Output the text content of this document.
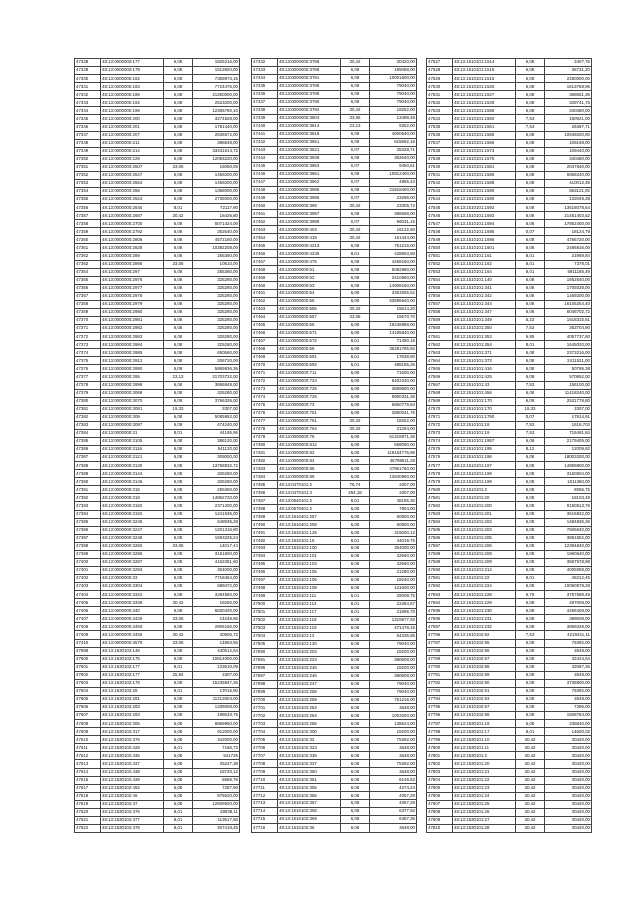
47338	48:13:0000000:177	6,08	1825216,00
47339	48:13:0000000:179	6,08	1513920,00
47340	48:13:0000000:182	6,08	7359973,16
47341	48:13:0000000:183	6,08	7724476,00
47342	48:13:0000000:186	6,08	21260000,00
47343	48:13:0000000:192	6,08	2523200,00
47344	48:13:0000000:199	6,08	12306760,10
47345	48:13:0000000:200	6,08	3274528,00
47346	48:13:0000000:201	6,08	1781440,00
47347	48:13:0000000:207	6,08	2635672,00
47348	48:13:0000000:211	6,08	386848,00
47349	48:13:0000000:214	6,08	33431614,72
47350	48:13:0000000:229	6,08	12093220,00
47351	48:13:0000000:2507	33,06	16050,59
47352	48:13:0000000:2547	6,08	1459200,00
47353	48:13:0000000:2554	6,08	1459200,00
47354	48:13:0000000:258	6,08	1368000,00
47355	48:13:0000000:2623	6,08	2736000,00
47356	48:13:0000000:2645	8,01	72117,90
47357	48:13:0000000:2687	30,42	16426,80
47358	48:13:0000000:2700	6,08	5071424,00
47359	48:13:0000000:2792	6,08	352640,00
47360	48:13:0000000:2806	6,08	4572160,00
47361	48:13:0000000:2828	6,08	10382208,00
47362	48:13:0000000:289	6,08	255360,00
47363	48:13:0000000:2896	33,06	10510,00
47364	48:13:0000000:297	6,08	255360,00
47365	48:13:0000000:2976	6,08	325280,00
47366	48:13:0000000:2977	6,08	325280,00
47367	48:13:0000000:2978	6,08	325280,00
47368	48:13:0000000:2979	6,08	325280,00
47369	48:13:0000000:2980	6,08	325280,00
47370	48:13:0000000:2981	6,08	325280,00
47371	48:13:0000000:2982	6,08	325280,00
47372	48:13:0000000:2983	6,08	325280,00
47373	48:13:0000000:2984	6,08	325280,00
47374	48:13:0000000:2985	6,08	650560,00
47375	48:13:0000000:2912	6,08	206720,00
47376	48:13:0000000:2990	6,08	5869936,36
47377	48:13:0000000:295	23,13	21703722,00
47378	48:13:0000000:2998	6,08	3866848,00
47379	48:13:0000000:3069	6,08	325280,00
47380	48:13:0000000:3070	6,08	3766326,00
47381	48:13:0000000:3081	15,33	3307,00
47382	48:13:0000000:309	6,08	5085952,00
47383	48:13:0000000:3097	6,08	474240,00
47384	48:13:0000000:31	8,01	44195,96
47385	48:13:0000000:3105	6,08	386120,00
47386	48:13:0000000:3116	6,08	541120,00
47387	48:13:0000000:3121	6,08	309000,00
47388	48:13:0000000:3130	6,08	13758832,72
47389	48:13:0000000:3144	6,08	325280,00
47390	48:13:0000000:3145	6,08	325280,00
47391	48:13:0000000:315	6,08	255360,00
47392	48:13:0000000:318	6,08	14862720,00
47393	48:13:0000000:3182	6,08	2371200,00
47394	48:13:0000000:3192	6,08	1241536,00
47395	48:13:0000000:3245	6,08	648935,28
47396	48:13:0000000:3247	6,08	1201316,80
47397	48:13:0000000:3248	6,08	1693225,24
47398	48:13:0000000:3260	33,06	14017,44
47399	48:13:0000000:3286	6,08	3161600,00
47400	48:13:0000000:3287	6,08	4162281,60
47401	48:13:0000000:3293	6,08	304000,00
47402	48:13:0000000:33	6,08	7718464,00
47403	48:13:0000000:3304	6,08	689472,00
47404	48:13:0000000:3322	6,08	3284560,00
47405	48:13:0000000:3338	30,42	18250,00
47406	48:13:0000000:340	6,08	5830420,00
47407	48:13:0000000:3430	33,06	14248,86
47408	48:13:0000000:3450	6,08	2906160,00
47409	48:13:0000000:3455	30,42	30906,72
47410	48:13:0000000:3579	33,06	14883,56
47598	48:13:1530102:146	6,08	430512,64
47600	48:13:1530102:175	6,08	10814000,00
47601	48:13:1530102:177	8,01	133510,09
47602	48:13:1530102:177	25,84	3307,00
47603	48:13:1530102:178	6,08	15235847,36
47604	48:13:1530102:28	8,01	17015,90
47605	48:13:1530102:281	6,08	11213004,00
47606	48:13:1530102:283	6,08	1339008,00
47607	48:13:1530102:293	6,08	198633,75
47608	48:13:1530102:305	6,08	6869960,00
47609	48:13:1530102:317	6,08	912000,00
47610	48:13:1530102:376	6,08	342000,00
47611	48:13:1530102:428	8,01	7166,73
47612	48:13:1530102:436	6,08	541725
47613	48:13:1530102:437	6,08	25247,38
47614	48:13:1530102:438	6,08	18720,12
47615	48:13:1530102:439	6,08	8665,76
47617	48:13:1530102:452	6,08	7257,90
47618	48:13:1530102:46	6,08	875520,00
47619	48:13:1530102:47	6,08	12609920,00
47620	48:13:1530102:476	8,01	28838,11
47621	48:13:1530102:477	8,01	113517,50
47622	48:13:1530102:478	8,01	307419,45
47432	48:13:0000000:3758	30,42	30420,00
47433	48:13:0000000:3768	6,08	185088,00
47434	48:13:0000000:3781	6,08	10001600,00
47435	48:13:0000000:3788	6,08	79040,00
47436	48:13:0000000:3789	6,08	79040,00
47437	48:13:0000000:3790	6,08	79040,00
47438	48:13:0000000:3792	30,42	18252,00
47439	48:13:0000000:3803	33,06	13488,48
47440	48:13:0000000:3814	23,13	9252,00
47441	48:13:0000000:3818	6,08	4000640,00
47442	48:13:0000000:3851	6,08	615692,16
47443	48:13:0000000:3521	0,07	25328,71
47444	48:13:0000000:3939	6,08	352640,00
47445	48:13:0000000:3953	0,07	9450,61
47446	48:13:0000000:3961	6,08	10812400,00
47447	48:13:0000000:3962	0,07	4955,43
47448	48:13:0000000:3985	6,08	21918400,00
47449	48:13:0000000:3986	0,07	23286,00
47450	48:13:0000000:399	30,42	23305,72
47451	48:13:0000000:3997	6,08	386688,00
47452	48:13:0000000:3999	0,07	56031,15
47453	48:13:0000000:404	30,42	16122,60
47454	48:13:0000000:419	30,42	151444,00
47455	48:13:0000000:4213	6,08	761216,00
47456	48:13:0000000:4238	8,01	428853,90
47457	48:13:0000000:475	6,08	4268160,00
47458	48:13:0000000:51	6,08	5082880,00
47459	48:13:0000000:52	6,08	3410560,00
47460	48:13:0000000:53	6,08	14908160,00
47461	48:13:0000000:54	6,08	3353055,52
47462	48:13:0000000:55	6,08	53696640,00
47463	48:13:0000000:556	30,42	15514,20
47464	48:13:0000000:557	33,06	15670,70
47465	48:13:0000000:65	6,08	16246888,00
47466	48:13:0000000:671	6,08	14195840,00
47467	48:13:0000000:672	8,01	71490,15
47468	48:13:0000000:68	6,08	36281785,92
47469	48:13:0000000:691	8,01	17838,80
47470	48:13:0000000:692	5,01	488185,25
47471	48:13:0000000:711	6,08	71600,00
47472	48:13:0000000:724	6,08	6402240,00
47473	48:13:0000000:725	6,08	3869600,00
47474	48:13:0000000:726	6,08	8900331,36
47475	48:13:0000000:73	6,08	6850779,84
47476	48:13:0000000:751	6,08	2850041,76
47477	48:13:0000000:761	30,42	18252,00
47478	48:13:0000000:764	30,42	21294,00
47479	48:13:0000000:78	6,08	61316971,36
47480	48:13:0000000:812	6,08	658080,00
47481	48:13:0000000:82	6,08	119154776,96
47482	48:13:0000000:84	6,08	46798611,28
47483	48:13:0000000:85	6,08	47861760,00
47484	48:13:0000000:89	6,08	12840960,00
47485	48:13:0470101:2	78,74	3307,00
47486	48:13:0470101:3	254,18	3307,00
47487	48:13:0540101:2	8,01	48185,30
47488	48:13:0570401:2	6,08	7904,00
47489	48:13:1510401:257	6,08	60800,00
47490	48:13:1510401:258	6,08	60800,00
47491	48:13:1510101:125	6,08	315000,12
47492	48:13:1510101:16	8,01	44019,75
47493	48:13:1510101:100	6,08	304000,00
47494	48:13:1510101:101	6,08	42560,00
47495	48:13:1510101:103	6,08	42560,00
47496	48:13:1510101:105	6,08	21280,00
47497	48:13:1510101:106	6,08	18240,00
47498	48:13:1510101:108	6,08	121600,00
47499	48:13:1510101:111	5,01	29008,75
47500	48:13:1510101:114	8,01	22384,57
47501	48:13:1510101:117	8,01	21895,70
47502	48:13:1510101:118	6,08	1319577,92
47503	48:13:1510101:119	6,08	471478,16
47504	48:13:1510101:12	6,08	54336,85
47505	48:13:1510101:120	6,08	79040,00
47690	48:13:1510102:203	6,08	15200,00
47691	48:13:1510102:224	6,08	380608,00
47696	48:13:1510102:245	6,08	15200,00
47697	48:13:1510102:246	6,08	380608,00
47698	48:13:1510102:247	6,08	79040,00
47699	48:13:1510102:258	6,08	79040,00
47700	48:13:1510102:259	6,08	761216,00
47701	48:13:1510102:263	6,08	3648,00
47702	48:13:1510102:264	6,08	1003200,00
47703	48:13:1510102:285	6,08	138624,00
47704	48:13:1510102:300	6,08	15200,00
47705	48:13:1510102:32	6,08	75392,00
47706	48:13:1510102:323	6,08	3648,00
47707	48:13:1510102:336	6,08	3648,00
47708	48:13:1510102:337	6,08	75392,00
47709	48:13:1510102:350	6,08	3648,00
47710	48:13:1510102:351	6,08	8149,52
47711	48:13:1510102:355	6,08	4274,24
47712	48:13:1510102:356	6,08	4057,28
47713	48:13:1510102:357	6,08	4057,28
47714	48:13:1510102:358	6,08	6377,92
47715	48:13:1510102:359	6,08	6487,36
47716	48:13:1510102:36	6,08	3648,00
47527	48:13:1510101:1514	6,08	3407,76
47528	48:13:1510101:1515	6,08	36731,20
47529	48:13:1510101:1516	6,08	2280000,00
47530	48:13:1510101:1526	6,08	1613768,96
47531	48:13:1510101:1527	6,08	368551,36
47532	48:13:1510101:1528	6,08	339741,76
47533	48:13:1510101:1559	6,08	340480,00
47534	48:13:1510101:1560	7,53	150921,00
47535	48:13:1510101:1561	7,53	26487,71
47536	48:13:1510101:1565	6,08	10945020,80
47537	48:13:1510101:1566	6,08	109168,00
47538	48:13:1510101:1573	6,08	109440,00
47539	48:13:1510101:1575	6,08	340480,00
47540	48:13:1510101:1581	6,08	2047840,00
47541	48:13:1510101:1586	6,08	6958240,00
47542	48:13:1510101:1588	6,08	410012,48
47543	48:13:1510101:1589	6,08	853121,92
47544	48:13:1510101:1590	6,08	132049,28
47545	48:13:1510101:1592	6,08	13618078,64
47546	48:13:1510101:1593	6,08	21461403,52
47547	48:13:1510101:1594	6,08	17862400,00
47548	48:13:1510101:1595	0,07	18124,79
47549	48:13:1510101:1596	6,08	4766720,00
47550	48:13:1510101:1601	6,08	2486816,00
47551	48:13:1510101:161	8,01	21989,84
47552	48:13:1510101:162	8,01	7378,01
47553	48:13:1510101:164	8,01	5911185,49
47554	48:13:1510101:140	6,08	1662640,00
47555	48:13:1510101:341	6,08	1705038,00
47556	48:13:1510101:342	6,08	1459200,00
47557	48:13:1510101:344	6,08	16105254,40
47558	48:13:1510101:347	6,08	6048702,72
47559	48:13:1510101:349	5,23	1618315,61
47560	48:13:1510101:350	7,53	353704,90
47561	48:13:1510101:353	6,95	4057737,50
47562	48:13:1510101:354	8,01	1645020,00
47563	48:13:1510101:371	6,08	2373216,00
47564	48:13:1510101:373	6,08	2411521,00
47565	48:13:1510101:416	6,08	50795,38
47566	48:13:1510101:425	6,08	570852,00
47567	48:13:1510101:43	7,53	156100,00
47568	48:13:1510101:456	6,08	11418240,00
47569	48:13:1510101:170	6,08	2531778,80
47570	48:13:1510101:170	15,33	3307,00
47571	48:13:1510101:1790	0,07	17914,91
47572	48:13:1510101:18	7,53	1619,703
47573	48:13:1510101:19	7,53	715491,84
47574	48:13:1510101:1957	6,08	2179405,00
47575	48:13:1510101:195	8,12	12009,82
47576	48:13:1510101:196	6,08	18003200,00
47577	48:13:1510101:197	6,08	14959800,00
47578	48:13:1510101:198	6,08	3160604,00
47579	48:13:1510101:199	6,08	1011360,00
47580	48:13:1510101:2	6,08	8055,75
47581	48:13:1510101:20	6,08	18103,48
47582	48:13:1510101:200	6,08	9150513,76
47583	48:13:1510101:201	6,08	3616832,00
47584	48:13:1510101:202	6,08	1484835,36
47585	48:13:1510101:203	6,08	7606640,00
47586	48:13:1510101:205	6,08	3891552,00
47587	48:13:1510101:206	6,08	12394840,00
47588	48:13:1510101:208	6,08	1960640,00
47589	48:13:1510101:209	6,08	3567578,88
47590	48:13:1510101:214	6,08	4005059,00
47591	48:13:1510101:22	8,01	45312,45
47592	48:13:1510101:224	6,08	10060979,28
47593	48:13:1510101:228	6,75	3757588,49
47594	48:13:1510101:229	6,08	497008,00
47595	48:13:1510101:230	6,08	4266409,00
47596	48:13:1510101:231	6,08	389608,00
47597	48:13:1510101:232	6,08	3866028,00
47786	48:13:1510102:92	7,53	4218421,11
47787	48:13:1510102:95	6,08	75392,00
47788	48:13:1510102:96	6,08	3648,00
47789	48:13:1510102:97	6,08	32424,64
47790	48:13:1510102:88	6,08	42087,36
47791	48:13:1510102:89	6,08	3648,00
47792	48:13:1510102:90	6,08	3736800,00
47793	48:13:1510102:91	6,08	75392,00
47794	48:13:1510102:93	6,08	3648,00
47795	48:13:1510102:97	6,08	7296,00
47796	48:13:1510102:98	6,08	1508784,00
47797	48:13:1530101:18	6,08	235840,00
47798	48:13:1530101:17	8,01	14600,02
47799	48:13:1530101:10	30,42	30420,00
47800	48:13:1530101:11	30,42	30420,00
47801	48:13:1530101:2	30,42	30420,00
47802	48:13:1530101:20	30,42	30420,00
47803	48:13:1530101:21	30,42	30420,00
47804	48:13:1530101:22	30,42	30420,00
47805	48:13:1530101:23	30,42	30420,00
47806	48:13:1530101:24	30,42	30420,00
47807	48:13:1530101:25	30,42	30420,00
47808	48:13:1530101:26	30,42	30420,00
47809	48:13:1530101:27	30,42	30420,00
47810	48:13:1530101:28	30,42	30420,00
